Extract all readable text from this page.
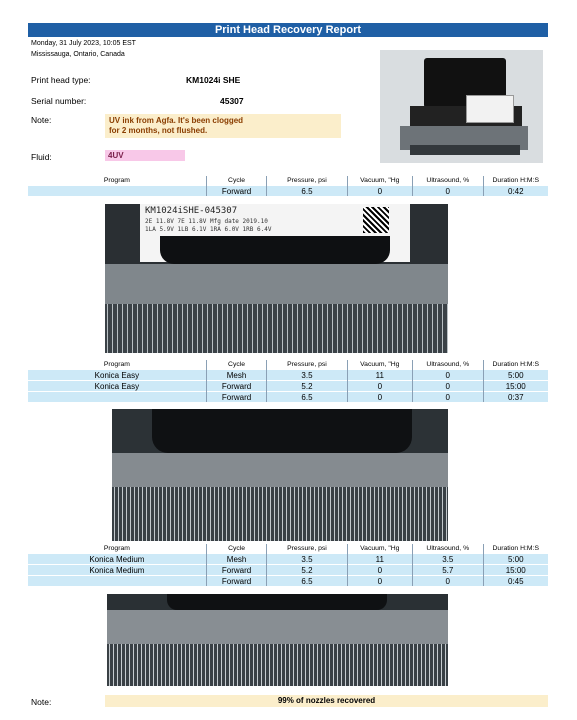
Print Head Recovery Report
Monday, 31 July 2023, 10:05 EST
Mississauga, Ontario, Canada
Print head type:	KM1024i SHE
Serial number:	45307
Note:	UV ink from Agfa. It's been clogged
for 2 months, not flushed.
Fluid:	4UV
Program	Cycle	Pressure, psi	Vacuum, "Hg	Ultrasound, %	Duration H:M:S
	Forward	6.5	0	0	0:42
KM1024iSHE-045307
2E 11.8V 7E 11.8V Mfg date 2019.10
1LA 5.9V 1LB 6.1V 1RA 6.0V 1RB 6.4V
Program	Cycle	Pressure, psi	Vacuum, "Hg	Ultrasound, %	Duration H:M:S
Konica Easy	Mesh	3.5	11	0	5:00
Konica Easy	Forward	5.2	0	0	15:00
	Forward	6.5	0	0	0:37
Program	Cycle	Pressure, psi	Vacuum, "Hg	Ultrasound, %	Duration H:M:S
Konica Medium	Mesh	3.5	11	3.5	5:00
Konica Medium	Forward	5.2	0	5.7	15:00
	Forward	6.5	0	0	0:45
Note:	99% of nozzles recovered
